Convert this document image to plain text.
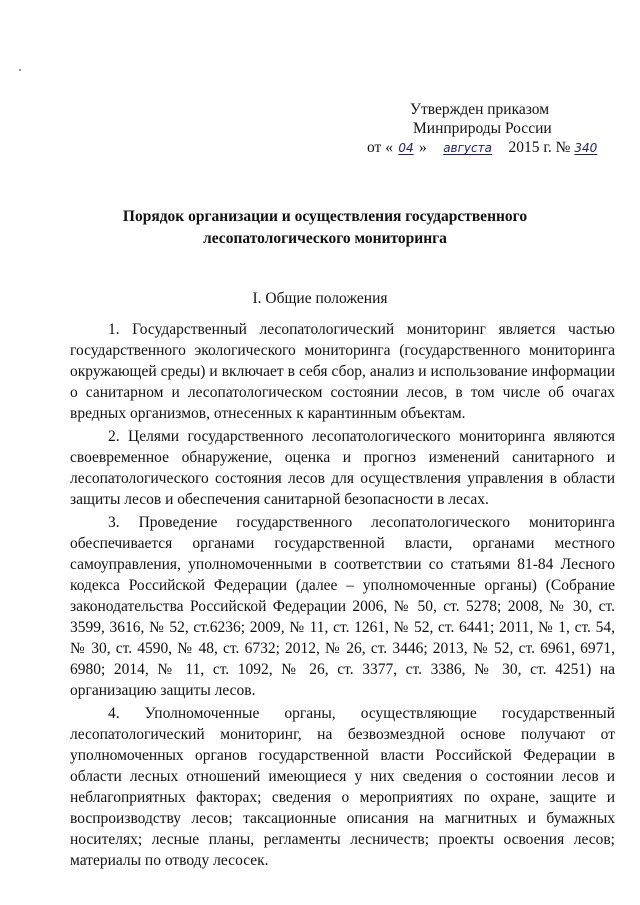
Утвержден приказом
Минприроды России
от « 04 » августа 2015 г. № 340
Порядок организации и осуществления государственного
лесопатологического мониторинга
I. Общие положения

1. Государственный лесопатологический мониторинг является частью государственного экологического мониторинга (государственного мониторинга окружающей среды) и включает в себя сбор, анализ и использование информации о санитарном и лесопатологическом состоянии лесов, в том числе об очагах вредных организмов, отнесенных к карантинным объектам.

2. Целями государственного лесопатологического мониторинга являются своевременное обнаружение, оценка и прогноз изменений санитарного и лесопатологического состояния лесов для осуществления управления в области защиты лесов и обеспечения санитарной безопасности в лесах.

3. Проведение государственного лесопатологического мониторинга обеспечивается органами государственной власти, органами местного самоуправления, уполномоченными в соответствии со статьями 81-84 Лесного кодекса Российской Федерации (далее – уполномоченные органы) (Собрание законодательства Российской Федерации 2006, № 50, ст. 5278; 2008, № 30, ст. 3599, 3616, № 52, ст.6236; 2009, № 11, ст. 1261, № 52, ст. 6441; 2011, № 1, ст. 54, № 30, ст. 4590, № 48, ст. 6732; 2012, № 26, ст. 3446; 2013, № 52, ст. 6961, 6971, 6980; 2014, № 11, ст. 1092, № 26, ст. 3377, ст. 3386, № 30, ст. 4251) на организацию защиты лесов.

4. Уполномоченные органы, осуществляющие государственный лесопатологический мониторинг, на безвозмездной основе получают от уполномоченных органов государственной власти Российской Федерации в области лесных отношений имеющиеся у них сведения о состоянии лесов и неблагоприятных факторах; сведения о мероприятиях по охране, защите и воспроизводству лесов; таксационные описания на магнитных и бумажных носителях; лесные планы, регламенты лесничеств; проекты освоения лесов; материалы по отводу лесосек.
